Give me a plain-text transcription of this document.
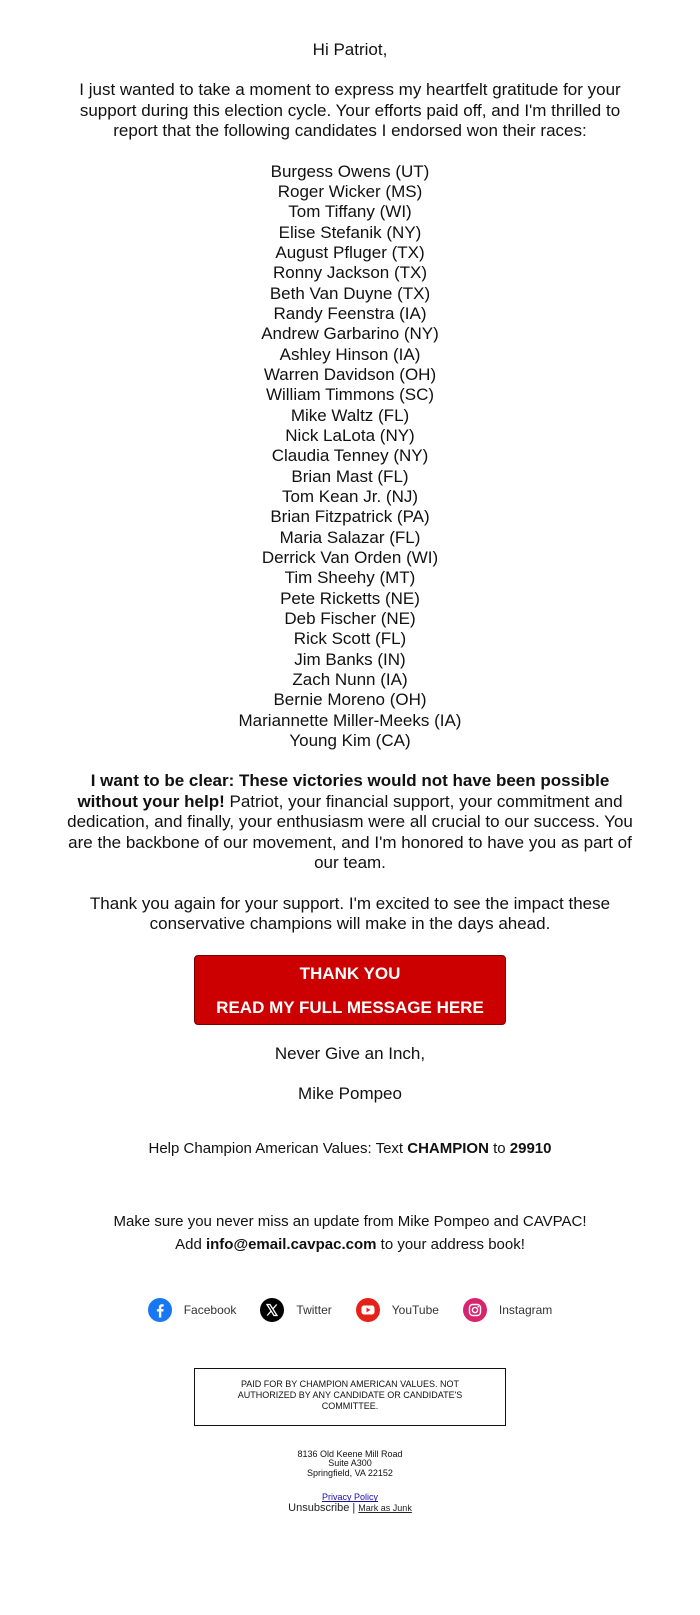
Hi Patriot,

I just wanted to take a moment to express my heartfelt gratitude for your support during this election cycle. Your efforts paid off, and I'm thrilled to report that the following candidates I endorsed won their races:

Burgess Owens (UT)
Roger Wicker (MS)
Tom Tiffany (WI)
Elise Stefanik (NY)
August Pfluger (TX)
Ronny Jackson (TX)
Beth Van Duyne (TX)
Randy Feenstra (IA)
Andrew Garbarino (NY)
Ashley Hinson (IA)
Warren Davidson (OH)
William Timmons (SC)
Mike Waltz (FL)
Nick LaLota (NY)
Claudia Tenney (NY)
Brian Mast (FL)
Tom Kean Jr. (NJ)
Brian Fitzpatrick (PA)
Maria Salazar (FL)
Derrick Van Orden (WI)
Tim Sheehy (MT)
Pete Ricketts (NE)
Deb Fischer (NE)
Rick Scott (FL)
Jim Banks (IN)
Zach Nunn (IA)
Bernie Moreno (OH)
Mariannette Miller-Meeks (IA)
Young Kim (CA)

I want to be clear: These victories would not have been possible without your help! Patriot, your financial support, your commitment and dedication, and finally, your enthusiasm were all crucial to our success. You are the backbone of our movement, and I'm honored to have you as part of our team.

Thank you again for your support. I'm excited to see the impact these conservative champions will make in the days ahead.

THANK YOU
READ MY FULL MESSAGE HERE
Never Give an Inch,
Mike Pompeo
Help Champion American Values: Text CHAMPION to 29910
Make sure you never miss an update from Mike Pompeo and CAVPAC!
Add info@email.cavpac.com to your address book!
Facebook	Twitter	YouTube	Instagram
PAID FOR BY CHAMPION AMERICAN VALUES. NOT AUTHORIZED BY ANY CANDIDATE OR CANDIDATE'S COMMITTEE.
8136 Old Keene Mill Road
Suite A300
Springfield, VA 22152
Privacy Policy
Unsubscribe | Mark as Junk
